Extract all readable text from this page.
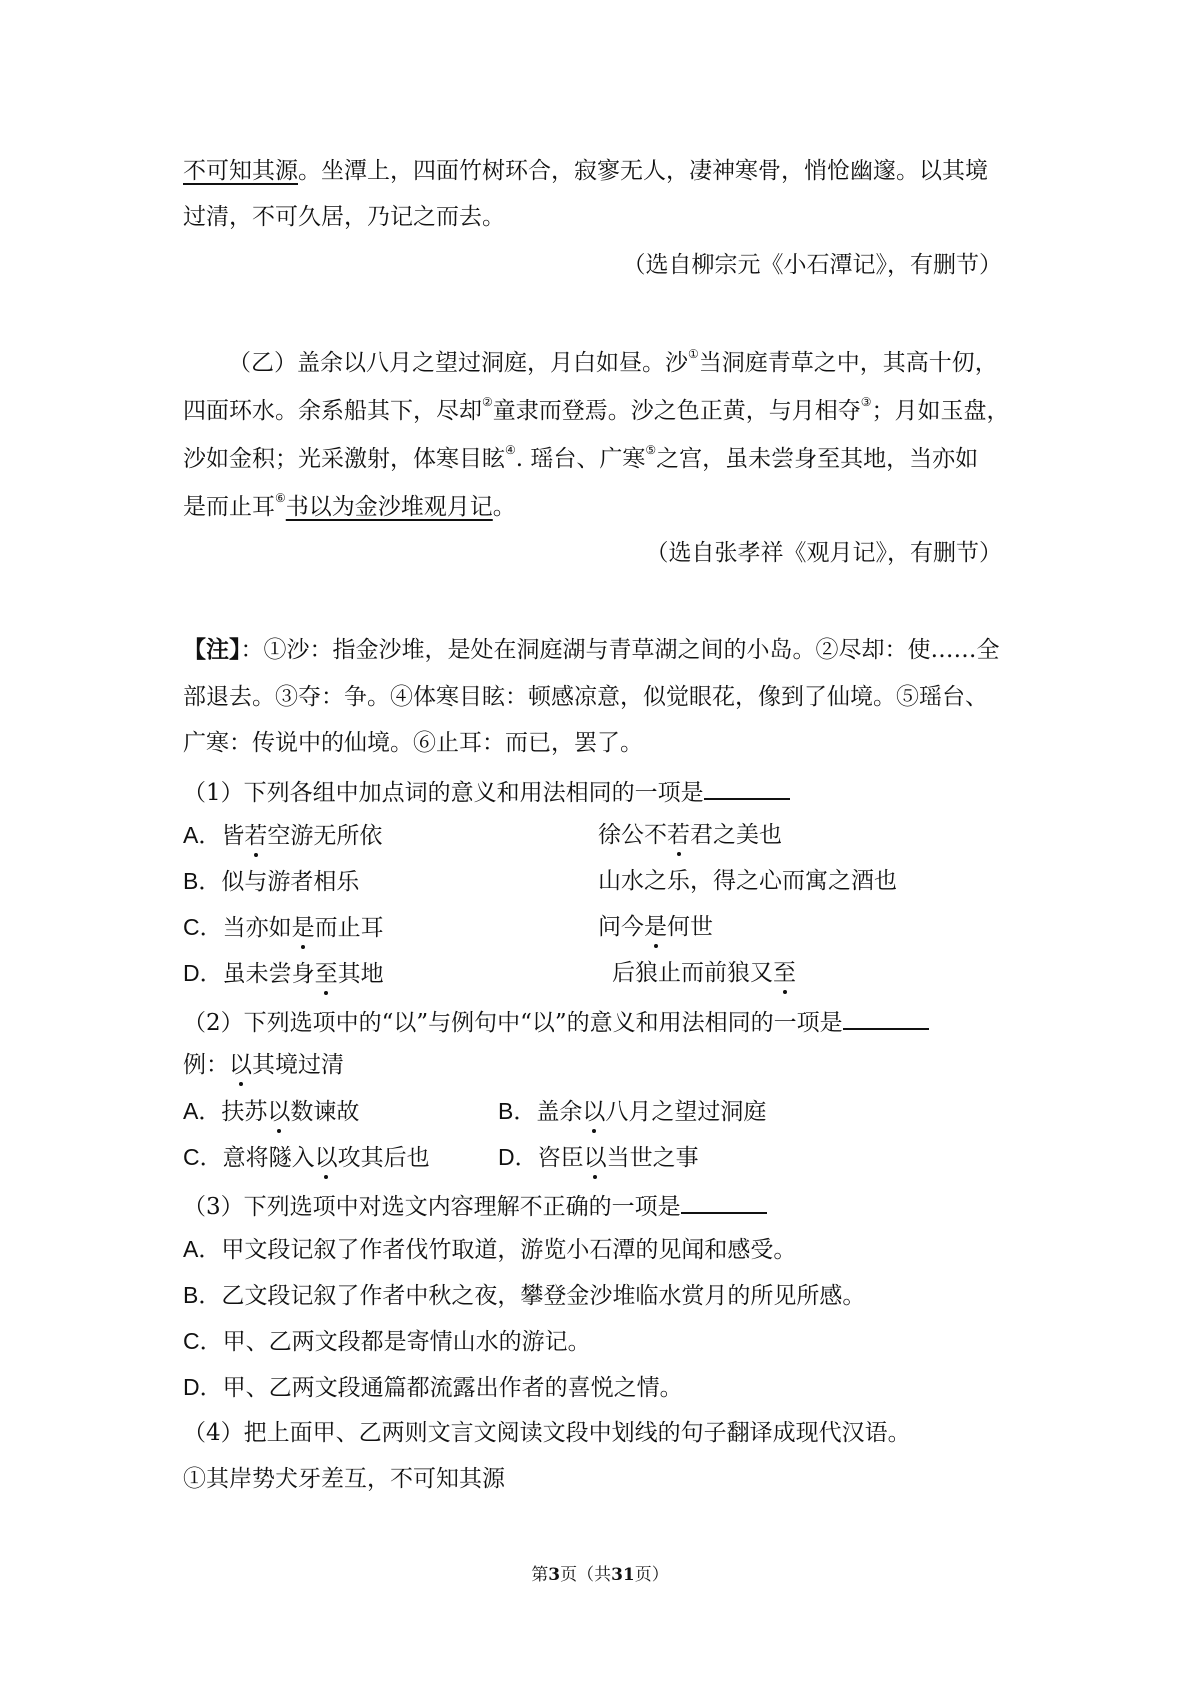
不可知其源。坐潭上，四面竹树环合，寂寥无人，凄神寒骨，悄怆幽邃。以其境
过清，不可久居，乃记之而去。
（选自柳宗元《小石潭记》，有删节）
（乙）盖余以八月之望过洞庭，月白如昼。沙①当洞庭青草之中，其高十仞，
四面环水。余系船其下，尽却②童隶而登焉。沙之色正黄，与月相夺③；月如玉盘，
沙如金积；光采激射，体寒目眩④. 瑶台、广寒⑤之宫，虽未尝身至其地，当亦如
是而止耳⑥书以为金沙堆观月记。
（选自张孝祥《观月记》，有删节）
【注】：①沙：指金沙堆，是处在洞庭湖与青草湖之间的小岛。②尽却：使……全
部退去。③夺：争。④体寒目眩：顿感凉意，似觉眼花，像到了仙境。⑤瑶台、
广寒：传说中的仙境。⑥止耳：而已，罢了。
（1）下列各组中加点词的意义和用法相同的一项是
A．皆若空游无所依	徐公不若君之美也
B．似与游者相乐	山水之乐，得之心而寓之酒也
C．当亦如是而止耳	问今是何世
D．虽未尝身至其地	后狼止而前狼又至
（2）下列选项中的“以”与例句中“以”的意义和用法相同的一项是
例：以其境过清
A．扶苏以数谏故	B．盖余以八月之望过洞庭
C．意将隧入以攻其后也	D．咨臣以当世之事
（3）下列选项中对选文内容理解不正确的一项是
A．甲文段记叙了作者伐竹取道，游览小石潭的见闻和感受。
B．乙文段记叙了作者中秋之夜，攀登金沙堆临水赏月的所见所感。
C．甲、乙两文段都是寄情山水的游记。
D．甲、乙两文段通篇都流露出作者的喜悦之情。
（4）把上面甲、乙两则文言文阅读文段中划线的句子翻译成现代汉语。
①其岸势犬牙差互，不可知其源
第3页（共31页）
